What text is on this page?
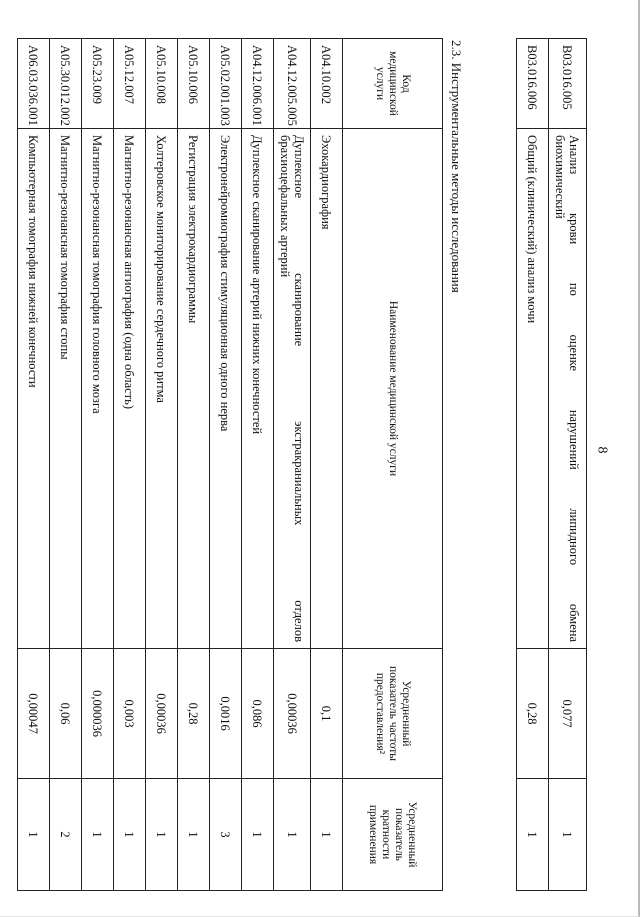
8
B03.016.005	Анализ крови по оценке нарушений липидного обмена
биохимический	0,077	1
B03.016.006	Общий (клинический) анализ мочи	0,28	1
2.3. Инструментальные методы исследования
Код медицинской услуги	Наименование медицинской услуги	Усредненный показатель частоты предоставления²	Усредненный показатель кратности применения
A04.10.002	Эхокардиография	0,1	1
A04.12.005.005	Дуплексное сканирование экстракраниальных отделов
брахиоцефальных артерий	0,00036	1
A04.12.006.001	Дуплексное сканирование артерий нижних конечностей	0,086	1
A05.02.001.003	Электронейромиография стимуляционная одного нерва	0,0016	3
A05.10.006	Регистрация электрокардиограммы	0,28	1
A05.10.008	Холтеровское мониторирование сердечного ритма	0,00036	1
A05.12.007	Магнитно-резонансная ангиография (одна область)	0,003	1
A05.23.009	Магнитно-резонансная томография головного мозга	0,000036	1
A05.30.012.002	Магнитно-резонансная томография стопы	0,06	2
A06.03.036.001	Компьютерная томография нижней конечности	0,00047	1
